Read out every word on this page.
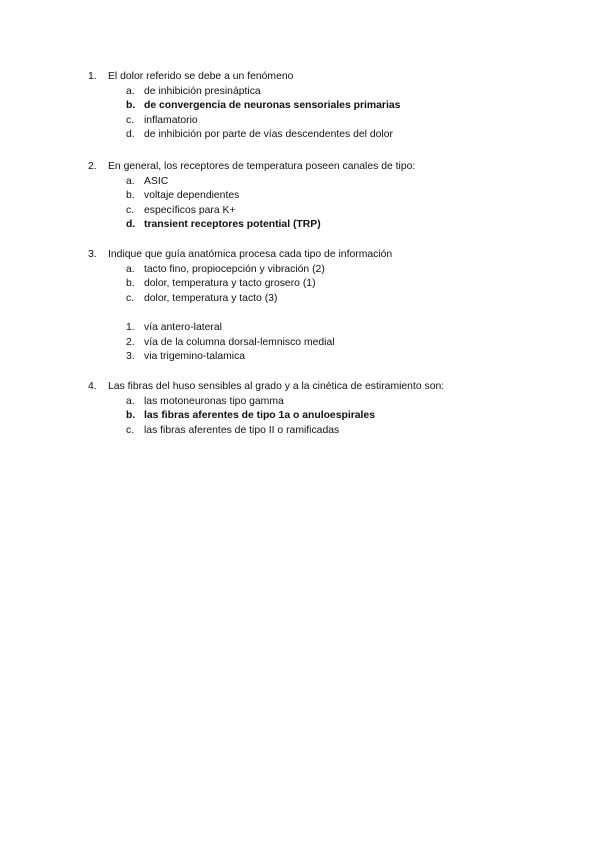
1. El dolor referido se debe a un fenómeno
a. de inhibición presináptica
b. de convergencia de neuronas sensoriales primarias
c. inflamatorio
d. de inhibición por parte de vías descendentes del dolor
2. En general, los receptores de temperatura poseen canales de tipo:
a. ASIC
b. voltaje dependientes
c. específicos para K+
d. transient receptores potential (TRP)
3. Indique que guía anatómica procesa cada tipo de información
a. tacto fino, propiocepción y vibración (2)
b. dolor, temperatura y tacto grosero (1)
c. dolor, temperatura y tacto (3)
1. vía antero-lateral
2. vía de la columna dorsal-lemnisco medial
3. via trigemino-talamica
4. Las fibras del huso sensibles al grado y a la cinética de estiramiento son:
a. las motoneuronas tipo gamma
b. las fibras aferentes de tipo 1a o anuloespirales
c. las fibras aferentes de tipo II o ramificadas
